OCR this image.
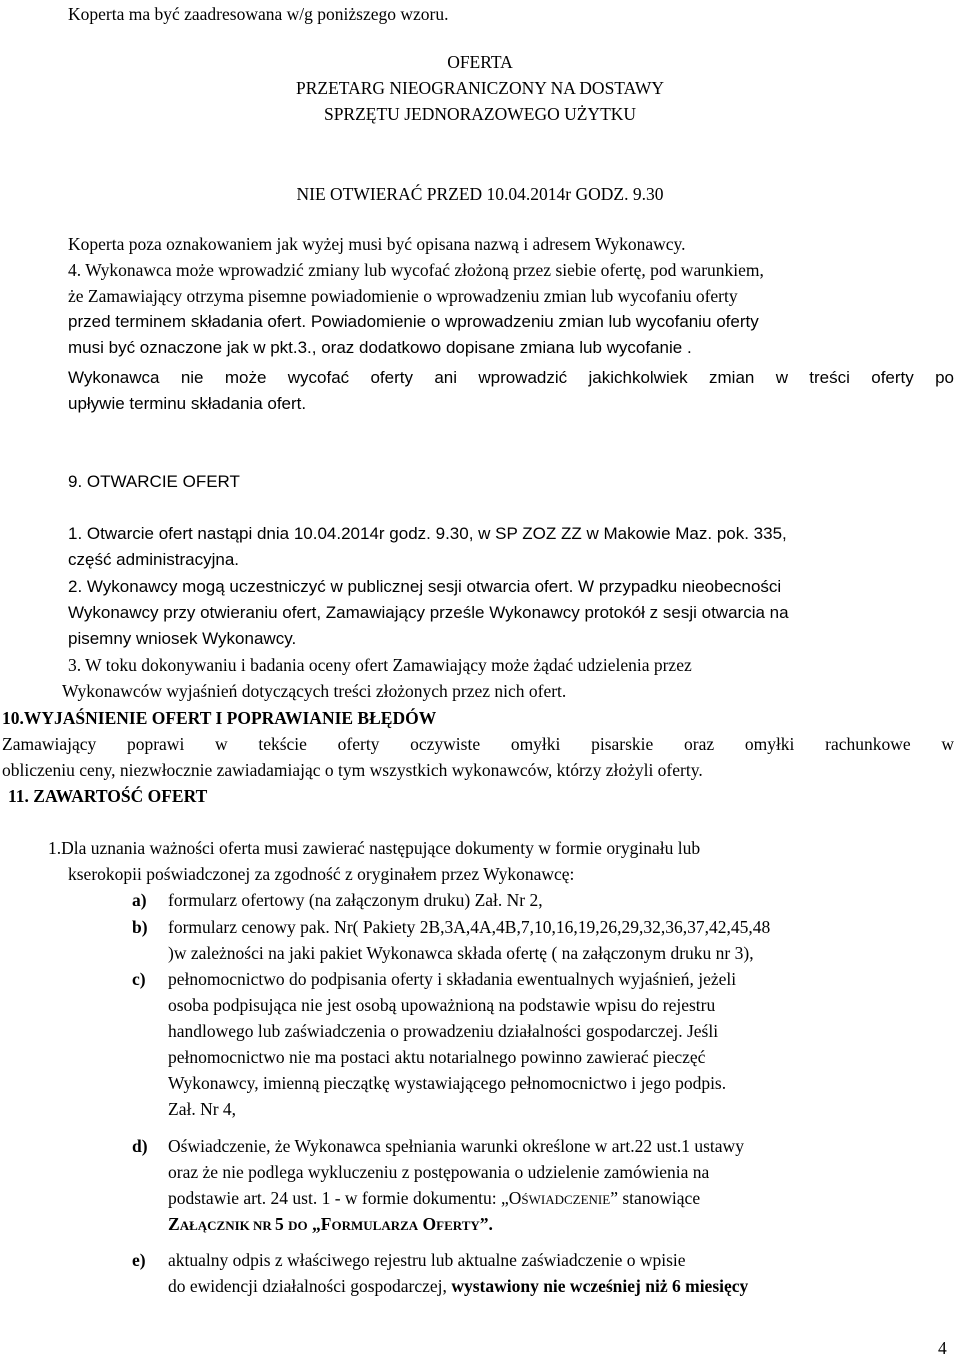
Koperta ma być zaadresowana w/g poniższego wzoru.
OFERTA
PRZETARG NIEOGRANICZONY NA DOSTAWY
SPRZĘTU JEDNORAZOWEGO UŻYTKU
NIE OTWIERAĆ PRZED 10.04.2014r GODZ. 9.30
Koperta poza oznakowaniem jak wyżej musi być opisana nazwą i adresem Wykonawcy.
4. Wykonawca może wprowadzić zmiany lub wycofać złożoną przez siebie ofertę, pod warunkiem,
że Zamawiający otrzyma pisemne powiadomienie o wprowadzeniu zmian lub wycofaniu oferty
przed terminem składania ofert. Powiadomienie o wprowadzeniu zmian lub wycofaniu oferty
musi być oznaczone jak w pkt.3., oraz dodatkowo dopisane zmiana lub wycofanie .
Wykonawca nie może wycofać oferty ani wprowadzić jakichkolwiek zmian w treści oferty po
upływie terminu składania ofert.
9. OTWARCIE OFERT
1. Otwarcie ofert nastąpi dnia 10.04.2014r godz. 9.30, w SP ZOZ ZZ w Makowie Maz. pok. 335,
część administracyjna.
2. Wykonawcy mogą uczestniczyć w publicznej sesji otwarcia ofert. W przypadku nieobecności
Wykonawcy przy otwieraniu ofert, Zamawiający prześle Wykonawcy protokół z sesji otwarcia na
pisemny wniosek Wykonawcy.
3. W toku dokonywaniu i badania oceny ofert Zamawiający może żądać udzielenia przez
Wykonawców wyjaśnień dotyczących treści złożonych przez nich ofert.
10.WYJAŚNIENIE OFERT I POPRAWIANIE BŁĘDÓW
Zamawiający poprawi w tekście oferty oczywiste omyłki pisarskie oraz omyłki rachunkowe w
obliczeniu ceny, niezwłocznie zawiadamiając o tym wszystkich wykonawców, którzy złożyli oferty.
11. ZAWARTOŚĆ OFERT
1.Dla uznania ważności oferta musi zawierać następujące dokumenty w formie oryginału lub
kserokopii poświadczonej za zgodność z oryginałem przez Wykonawcę:
a) formularz ofertowy (na załączonym druku) Zał. Nr 2,
b) formularz cenowy pak. Nr( Pakiety 2B,3A,4A,4B,7,10,16,19,26,29,32,36,37,42,45,48
)w zależności na jaki pakiet Wykonawca składa ofertę ( na załączonym druku nr 3),
c) pełnomocnictwo do podpisania oferty i składania ewentualnych wyjaśnień, jeżeli
osoba podpisująca nie jest osobą upoważnioną na podstawie wpisu do rejestru
handlowego lub zaświadczenia o prowadzeniu działalności gospodarczej. Jeśli
pełnomocnictwo nie ma postaci aktu notarialnego powinno zawierać pieczęć
Wykonawcy, imienną pieczątkę wystawiającego pełnomocnictwo i jego podpis.
Zał. Nr 4,
d) Oświadczenie, że Wykonawca spełniania warunki określone w art.22 ust.1 ustawy
oraz że nie podlega wykluczeniu z postępowania o udzielenie zamówienia na
podstawie art. 24 ust. 1 - w formie dokumentu: „OŚWIADCZENIE” stanowiące
ZAŁĄCZNIK NR 5 DO „FORMULARZA OFERTY”.
e) aktualny odpis z właściwego rejestru lub aktualne zaświadczenie o wpisie
do ewidencji działalności gospodarczej, wystawiony nie wcześniej niż 6 miesięcy
4
